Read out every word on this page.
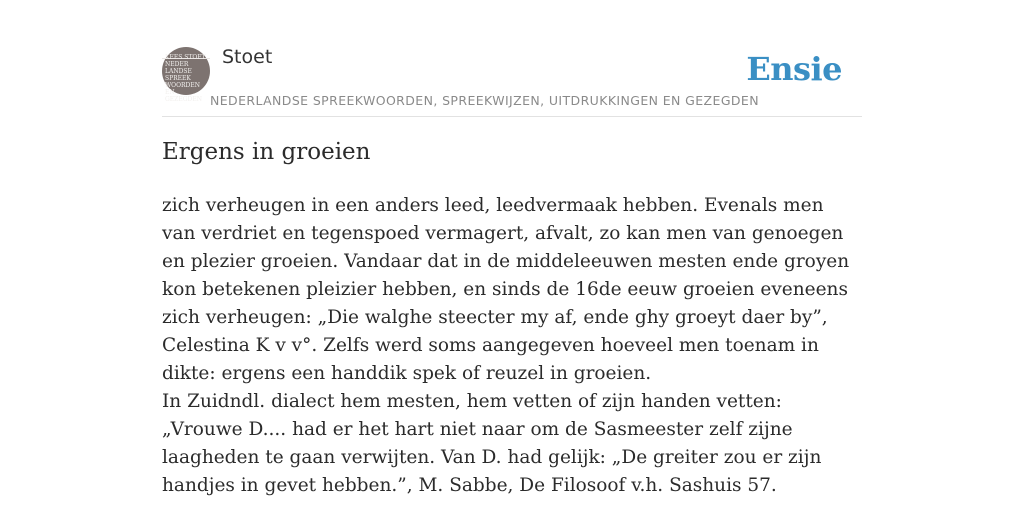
KEES STOET
NEDER
LANDSE
SPREEK
WOORDEN EN
GEZEGDEN
Stoet
NEDERLANDSE SPREEKWOORDEN, SPREEKWIJZEN, UITDRUKKINGEN EN GEZEGDEN
Ensie
Ergens in groeien

zich verheugen in een anders leed, leedvermaak hebben. Evenals men van verdriet en tegenspoed vermagert, afvalt, zo kan men van genoegen en plezier groeien. Vandaar dat in de middeleeuwen mesten ende groyen kon betekenen pleizier hebben, en sinds de 16de eeuw groeien eveneens zich verheugen: „Die walghe steecter my af, ende ghy groeyt daer by”, Celestina K v v°. Zelfs werd soms aangegeven hoeveel men toenam in dikte: ergens een handdik spek of reuzel in groeien.

In Zuidndl. dialect hem mesten, hem vetten of zijn handen vetten: „Vrouwe D.... had er het hart niet naar om de Sasmeester zelf zijne laagheden te gaan verwijten. Van D. had gelijk: „De greiter zou er zijn handjes in gevet hebben.”, M. Sabbe, De Filosoof v.h. Sashuis 57.
